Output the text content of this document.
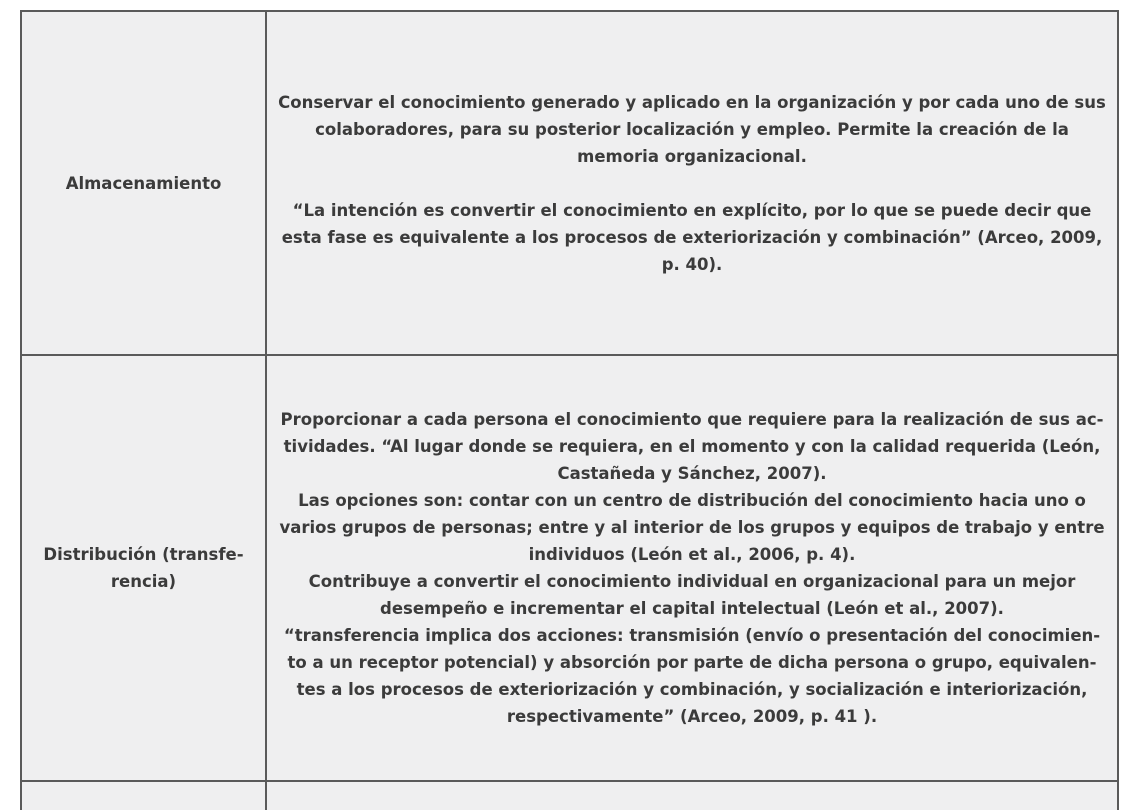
Almacenamiento

Conservar el conocimiento generado y aplicado en la organización y por cada uno de sus colaboradores, para su posterior localización y empleo. Permite la creación de la memoria organizacional.

“La intención es convertir el conocimiento en explícito, por lo que se puede decir que esta fase es equivalente a los procesos de exteriorización y combinación” (Arceo, 2009, p. 40).

Distribución (transfe-rencia)

Proporcionar a cada persona el conocimiento que requiere para la realización de sus ac-tividades. “Al lugar donde se requiera, en el momento y con la calidad requerida (León, Castañeda y Sánchez, 2007).

Las opciones son: contar con un centro de distribución del conocimiento hacia uno o varios grupos de personas; entre y al interior de los grupos y equipos de trabajo y entre individuos (León et al., 2006, p. 4).

Contribuye a convertir el conocimiento individual en organizacional para un mejor desempeño e incrementar el capital intelectual (León et al., 2007).

“transferencia implica dos acciones: transmisión (envío o presentación del conocimien-to a un receptor potencial) y absorción por parte de dicha persona o grupo, equivalen-tes a los procesos de exteriorización y combinación, y socialización e interiorización, respectivamente” (Arceo, 2009, p. 41 ).
